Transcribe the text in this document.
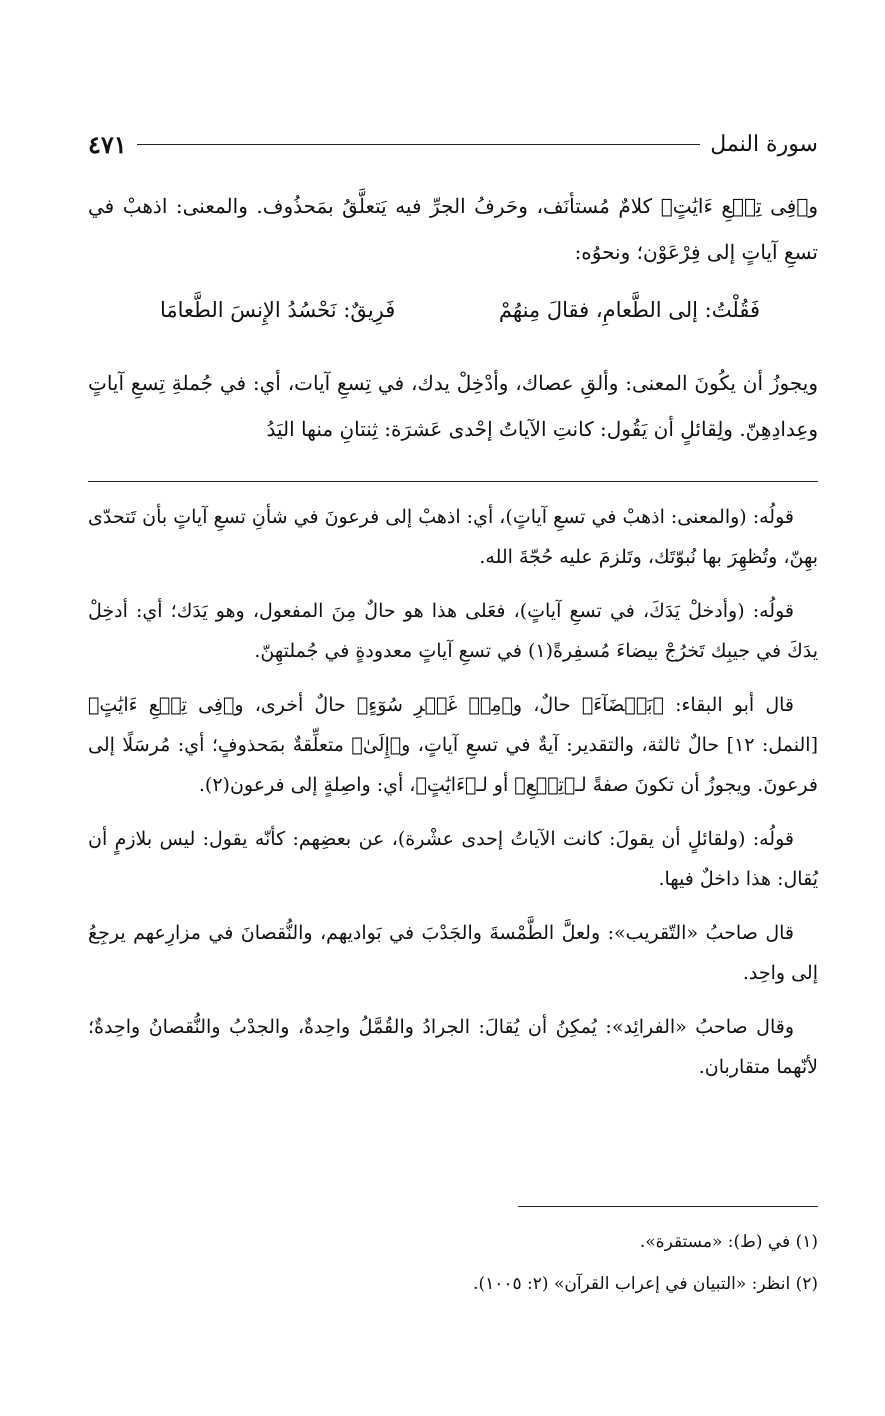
سورة النمل
٤٧١

و﴿فِى تِسۡعِ ءَايَٰتٍ﴾ كلامٌ مُستأنَف، وحَرفُ الجرِّ فيه يَتعلَّقُ بمَحذُوف. والمعنى: اذهبْ في تسعِ آياتٍ إلى فِرْعَوْن؛ ونحوُه:

فَقُلْتُ: إلى الطَّعامِ، فقالَ مِنهُمْ
فَرِيقٌ: نَحْسُدُ الإِنسَ الطَّعامَا

ويجوزُ أن يكُونَ المعنى: وألقِ عصاك، وأدْخِلْ يدك، في تِسعِ آيات، أي: في جُملةِ تِسعِ آياتٍ وعِدادِهِنّ. ولِقائلٍ أن يَقُول: كانتِ الآياتُ إحْدى عَشرَة: ثِنتانِ منها اليَدُ

قولُه: (والمعنى: اذهبْ في تسعِ آياتٍ)، أي: اذهبْ إلى فرعونَ في شأنِ تسعِ آياتٍ بأن تَتحدّى بهِنّ، وتُظهِرَ بها نُبوّتَك، وتَلزمَ عليه حُجّةَ الله.

قولُه: (وأدخلْ يَدَكَ، في تسعِ آياتٍ)، فعَلى هذا هو حالٌ مِنَ المفعول، وهو يَدَك؛ أي: أدخِلْ يدَكَ في جيبِك تَخرُجْ بيضاءَ مُسفِرةً(١) في تسعِ آياتٍ معدودةٍ في جُملتهِنّ.

قال أبو البقاء: ﴿بَيۡضَآءَ﴾ حالٌ، و﴿مِنۡ غَيۡرِ سُوٓءٍ﴾ حالٌ أخرى، و﴿فِى تِسۡعِ ءَايَٰتٍ﴾ [النمل: ١٢] حالٌ ثالثة، والتقدير: آيةٌ في تسعِ آياتٍ، و﴿إِلَىٰ﴾ متعلِّقةٌ بمَحذوفٍ؛ أي: مُرسَلًا إلى فرعونَ. ويجوزُ أن تكونَ صفةً لـ﴿تِسۡعِ﴾ أو لـ﴿ءَايَٰتٍ﴾، أي: واصِلةٍ إلى فرعون(٢).

قولُه: (ولقائلٍ أن يقولَ: كانت الآياتُ إحدى عشْرة)، عن بعضِهم: كأنّه يقول: ليس بلازمٍ أن يُقال: هذا داخلٌ فيها.

قال صاحبُ «التّقريب»: ولعلَّ الطَّمْسةَ والجَدْبَ في بَواديهم، والنُّقصانَ في مزارِعهم يرجِعُ إلى واحِد.

وقال صاحبُ «الفرائِد»: يُمكِنُ أن يُقالَ: الجرادُ والقُمَّلُ واحِدةٌ، والجدْبُ والنُّقصانُ واحِدةٌ؛ لأنّهما متقاربان.

(١) في (ط): «مستقرة».
(٢) انظر: «التبيان في إعراب القرآن» (٢: ١٠٠٥).
